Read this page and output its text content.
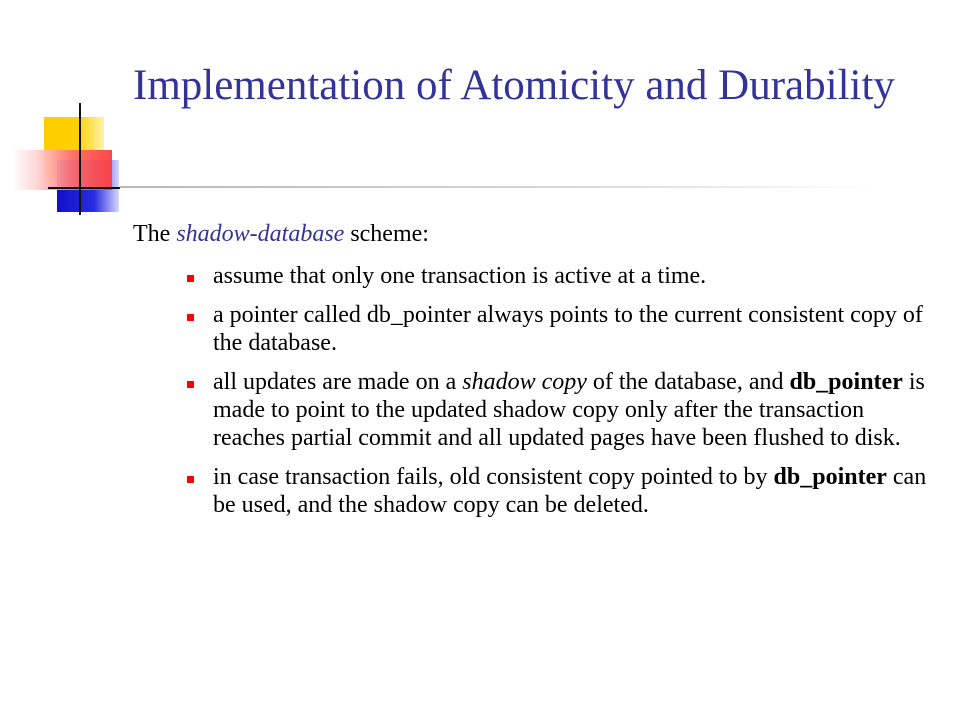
Implementation of Atomicity and Durability

The shadow-database scheme:

assume that only one transaction is active at a time.
a pointer called db_pointer always points to the current consistent copy of the database.
all updates are made on a shadow copy of the database, and db_pointer is made to point to the updated shadow copy only after the transaction reaches partial commit and all updated pages have been flushed to disk.
in case transaction fails, old consistent copy pointed to by db_pointer can be used, and the shadow copy can be deleted.
